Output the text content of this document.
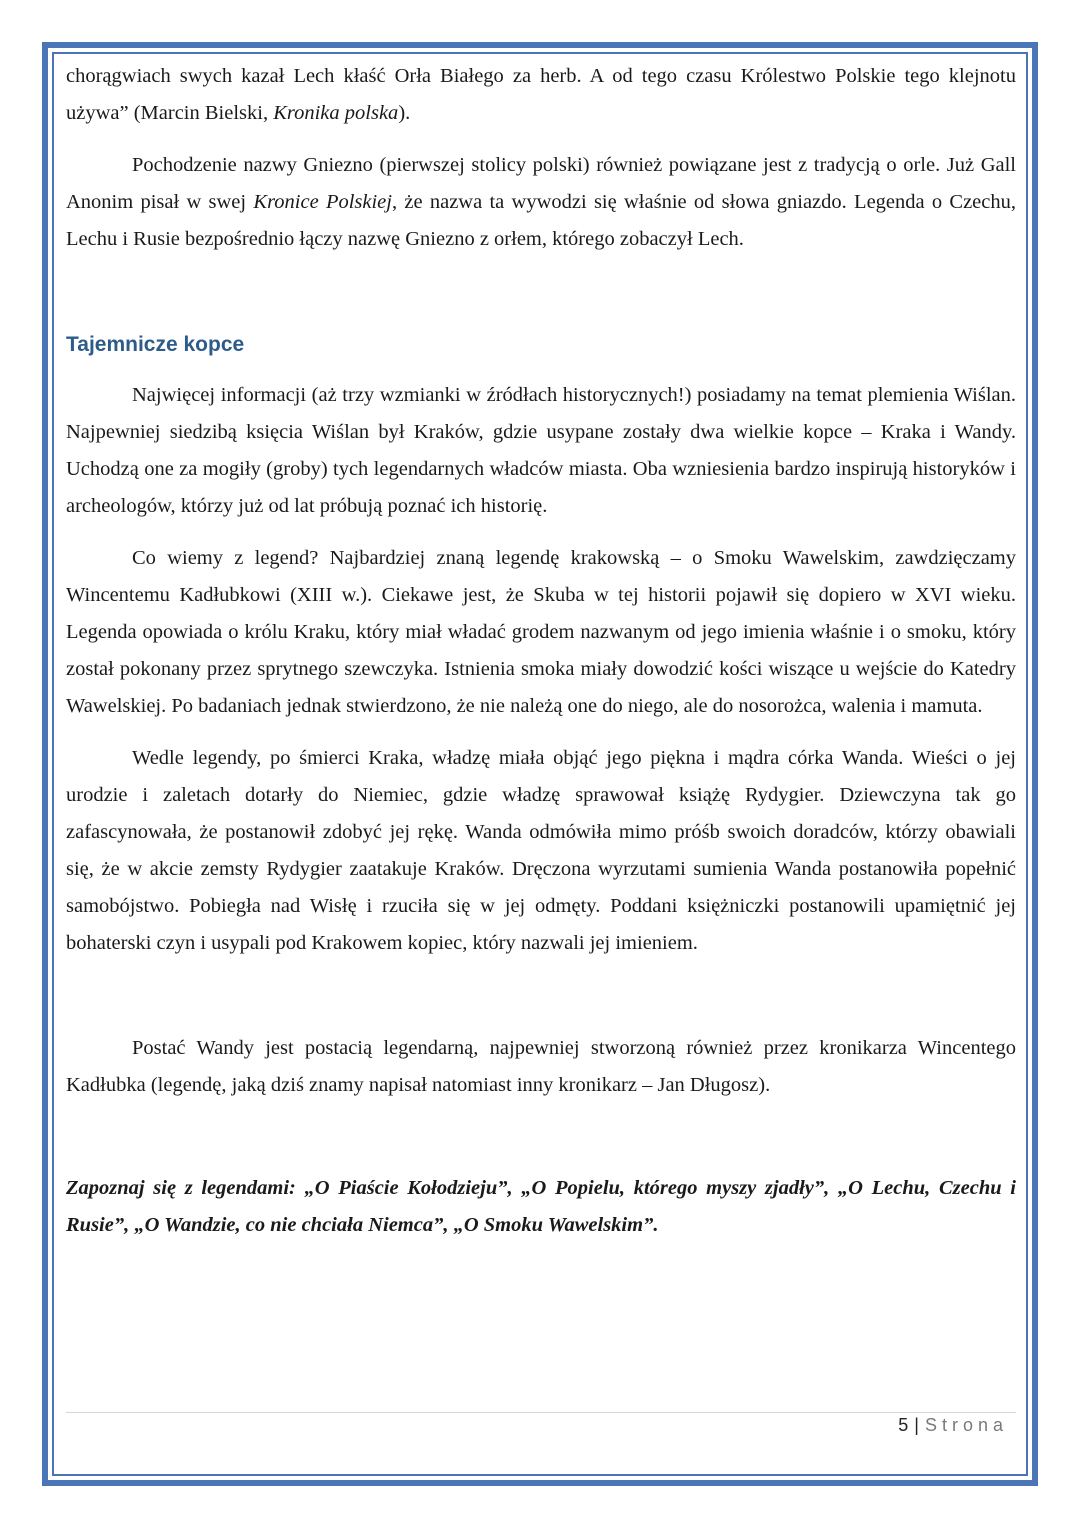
chorągwiach swych kazał Lech kłaść Orła Białego za herb. A od tego czasu Królestwo Polskie tego klejnotu używa” (Marcin Bielski, Kronika polska).

Pochodzenie nazwy Gniezno (pierwszej stolicy polski) również powiązane jest z tradycją o orle. Już Gall Anonim pisał w swej Kronice Polskiej, że nazwa ta wywodzi się właśnie od słowa gniazdo. Legenda o Czechu, Lechu i Rusie bezpośrednio łączy nazwę Gniezno z orłem, którego zobaczył Lech.

Tajemnicze kopce

Najwięcej informacji (aż trzy wzmianki w źródłach historycznych!) posiadamy na temat plemienia Wiślan. Najpewniej siedzibą księcia Wiślan był Kraków, gdzie usypane zostały dwa wielkie kopce – Kraka i Wandy. Uchodzą one za mogiły (groby) tych legendarnych władców miasta. Oba wzniesienia bardzo inspirują historyków i archeologów, którzy już od lat próbują poznać ich historię.

Co wiemy z legend? Najbardziej znaną legendę krakowską – o Smoku Wawelskim, zawdzięczamy Wincentemu Kadłubkowi (XIII w.). Ciekawe jest, że Skuba w tej historii pojawił się dopiero w XVI wieku. Legenda opowiada o królu Kraku, który miał władać grodem nazwanym od jego imienia właśnie i o smoku, który został pokonany przez sprytnego szewczyka. Istnienia smoka miały dowodzić kości wiszące u wejście do Katedry Wawelskiej. Po badaniach jednak stwierdzono, że nie należą one do niego, ale do nosorożca, walenia i mamuta.

Wedle legendy, po śmierci Kraka, władzę miała objąć jego piękna i mądra córka Wanda. Wieści o jej urodzie i zaletach dotarły do Niemiec, gdzie władzę sprawował książę Rydygier. Dziewczyna tak go zafascynowała, że postanowił zdobyć jej rękę. Wanda odmówiła mimo próśb swoich doradców, którzy obawiali się, że w akcie zemsty Rydygier zaatakuje Kraków. Dręczona wyrzutami sumienia Wanda postanowiła popełnić samobójstwo. Pobiegła nad Wisłę i rzuciła się w jej odmęty. Poddani księżniczki postanowili upamiętnić jej bohaterski czyn i usypali pod Krakowem kopiec, który nazwali jej imieniem.

Postać Wandy jest postacią legendarną, najpewniej stworzoną również przez kronikarza Wincentego Kadłubka (legendę, jaką dziś znamy napisał natomiast inny kronikarz – Jan Długosz).

Zapoznaj się z legendami: „O Piaście Kołodzieju”, „O Popielu, którego myszy zjadły”, „O Lechu, Czechu i Rusie”, „O Wandzie, co nie chciała Niemca”, „O Smoku Wawelskim”.

5 | Strona
